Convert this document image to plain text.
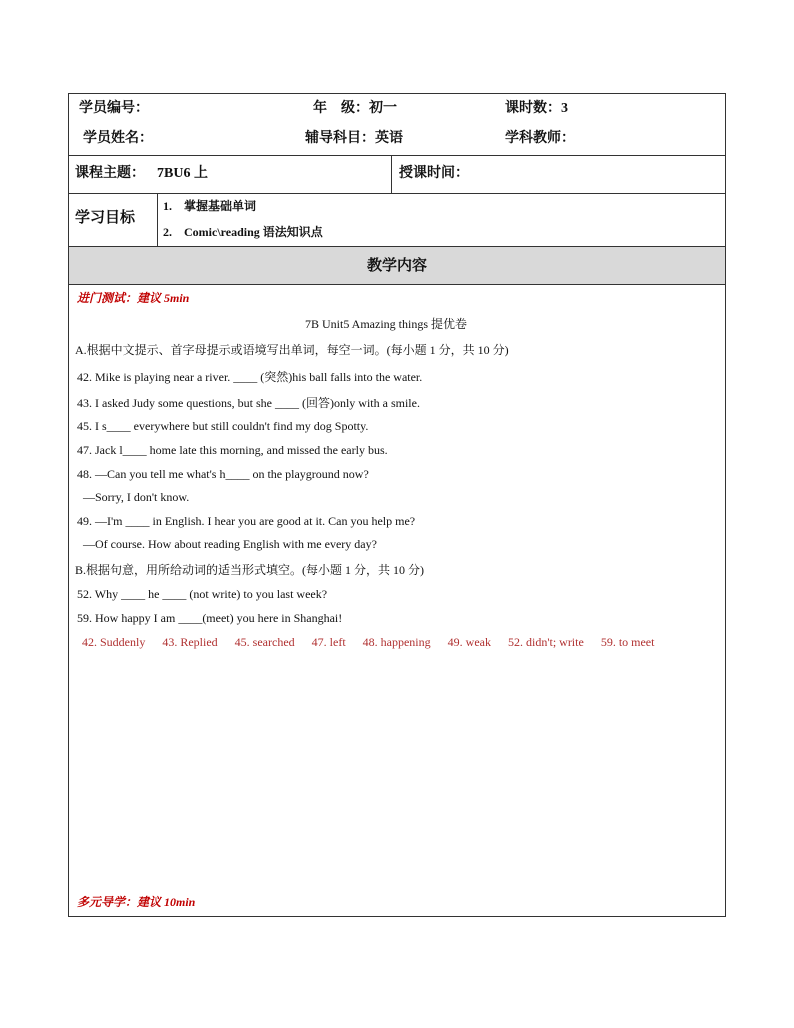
学员编号：	年　级：初一	课时数：3
学员姓名：	辅导科目：英语	学科教师：
课程主题： 7BU6 上	授课时间：
学习目标
1.　掌握基础单词
2.　Comic\reading 语法知识点
教学内容
进门测试：建议 5min
7B Unit5 Amazing things 提优卷
A.根据中文提示、首字母提示或语境写出单词，每空一词。(每小题 1 分，共 10 分)
42. Mike is playing near a river. ____ (突然)his ball falls into the water.
43. I asked Judy some questions, but she ____ (回答)only with a smile.
45. I s____ everywhere but still couldn't find my dog Spotty.
47. Jack l____ home late this morning, and missed the early bus.
48. —Can you tell me what's h____ on the playground now?
—Sorry, I don't know.
49. —I'm ____ in English. I hear you are good at it. Can you help me?
—Of course. How about reading English with me every day?
B.根据句意，用所给动词的适当形式填空。(每小题 1 分，共 10 分)
52. Why ____ he ____ (not write) to you last week?
59. How happy I am ____(meet) you here in Shanghai!
42. Suddenly 43. Replied 45. searched 47. left 48. happening 49. weak 52. didn't; write 59. to meet
多元导学：建议 10min
